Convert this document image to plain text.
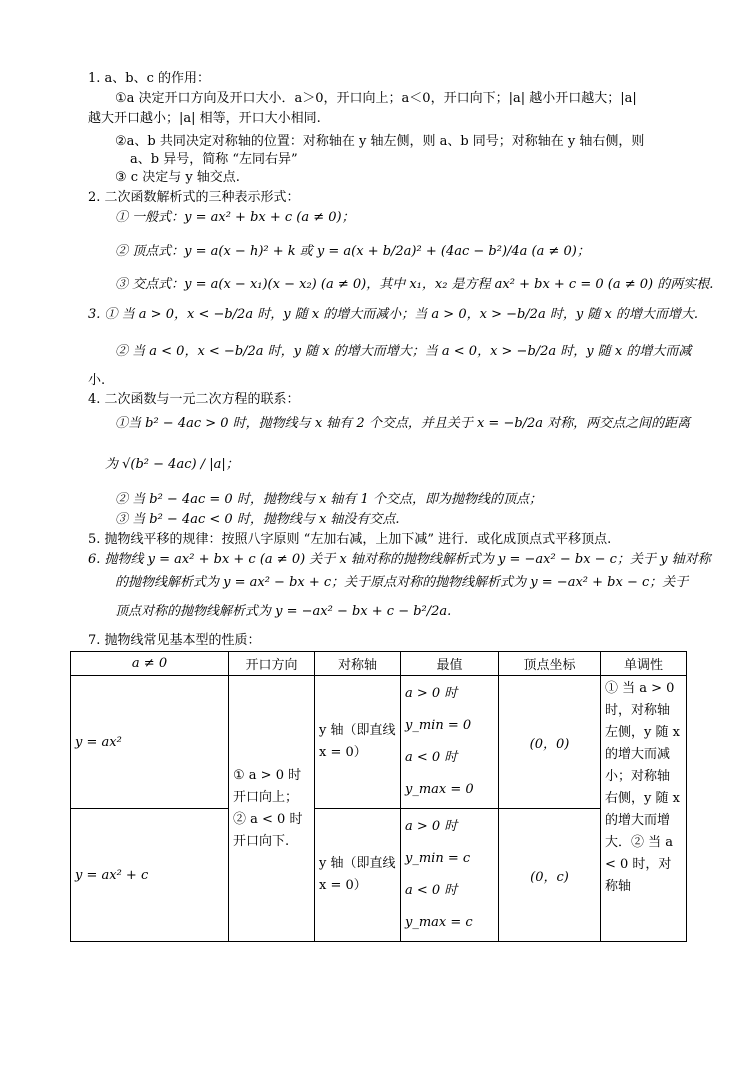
1. a、b、c 的作用：
①a 决定开口方向及开口大小．a＞0，开口向上；a＜0，开口向下；|a| 越小开口越大；|a|
越大开口越小；|a| 相等，开口大小相同.
②a、b 共同决定对称轴的位置：对称轴在 y 轴左侧，则 a、b 同号；对称轴在 y 轴右侧，则
a、b 异号，简称 “左同右异”
③ c 决定与 y 轴交点.
2. 二次函数解析式的三种表示形式：
① 一般式：y = ax² + bx + c (a ≠ 0)；
② 顶点式：y = a(x − h)² + k 或 y = a(x + b/2a)² + (4ac − b²)/4a (a ≠ 0)；
③ 交点式：y = a(x − x₁)(x − x₂) (a ≠ 0)，其中 x₁，x₂ 是方程 ax² + bx + c = 0 (a ≠ 0) 的两实根.
3. ① 当 a > 0，x < −b/2a 时，y 随 x 的增大而减小；当 a > 0，x > −b/2a 时，y 随 x 的增大而增大.
② 当 a < 0，x < −b/2a 时，y 随 x 的增大而增大；当 a < 0，x > −b/2a 时，y 随 x 的增大而减
小.
4. 二次函数与一元二次方程的联系：
①当 b² − 4ac > 0 时，抛物线与 x 轴有 2 个交点，并且关于 x = −b/2a 对称，两交点之间的距离
为 √(b² − 4ac) / |a|；
② 当 b² − 4ac = 0 时，抛物线与 x 轴有 1 个交点，即为抛物线的顶点；
③ 当 b² − 4ac < 0 时，抛物线与 x 轴没有交点.
5. 抛物线平移的规律：按照八字原则 “左加右减，上加下减” 进行．或化成顶点式平移顶点.
6. 抛物线 y = ax² + bx + c (a ≠ 0) 关于 x 轴对称的抛物线解析式为 y = −ax² − bx − c；关于 y 轴对称
的抛物线解析式为 y = ax² − bx + c；关于原点对称的抛物线解析式为 y = −ax² + bx − c；关于
顶点对称的抛物线解析式为 y = −ax² − bx + c − b²/2a.
7. 抛物线常见基本型的性质：
a ≠ 0	开口方向	对称轴	最值	顶点坐标	单调性
y = ax²	① a > 0 时开口向上；② a < 0 时开口向下.	y 轴（即直线 x = 0）	a > 0 时
y_min = 0
a < 0 时
y_max = 0	(0，0)	① 当 a > 0 时，对称轴左侧，y 随 x 的增大而减小；对称轴右侧，y 随 x 的增大而增大．② 当 a < 0 时，对称轴
y = ax² + c		y 轴（即直线 x = 0）	a > 0 时
y_min = c
a < 0 时
y_max = c	(0，c)	
